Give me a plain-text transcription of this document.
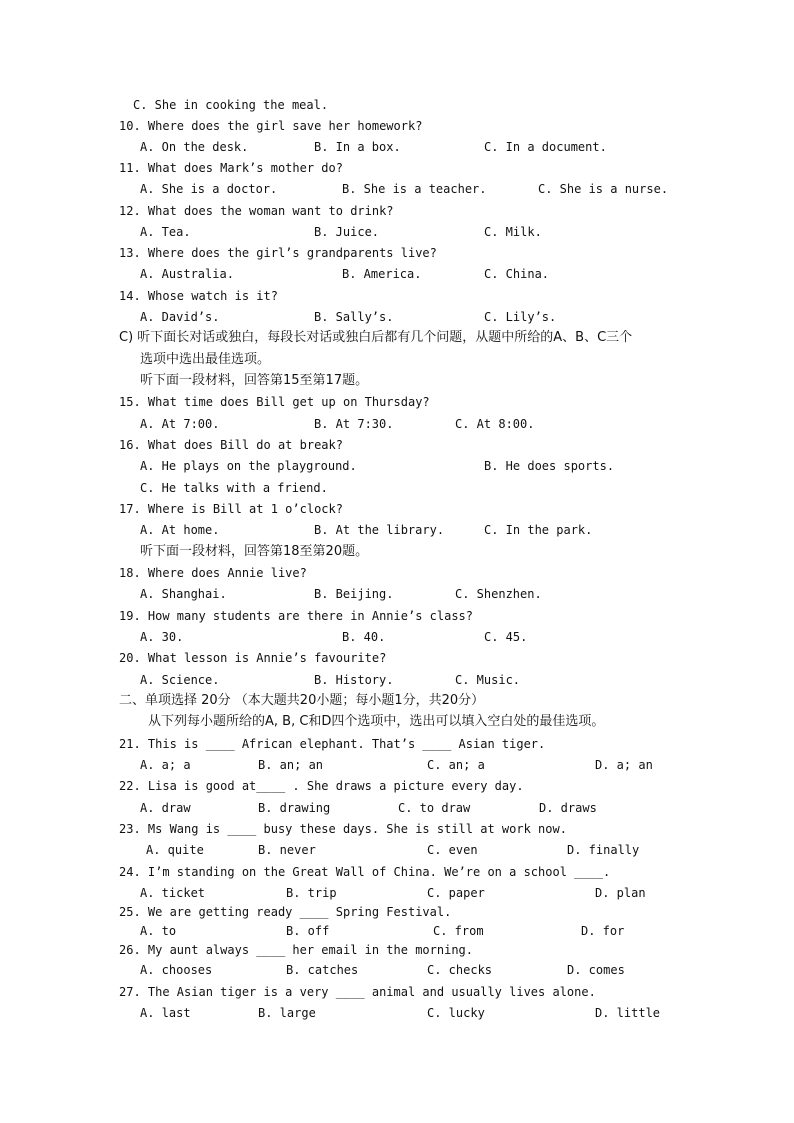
C. She in cooking the meal.
10. Where does the girl save her homework?
A. On the desk.	B. In a box.	C. In a document.
11. What does Mark’s mother do?
A. She is a doctor.	B. She is a teacher.	C. She is a nurse.
12. What does the woman want to drink?
A. Tea.	B. Juice.	C. Milk.
13. Where does the girl’s grandparents live?
A. Australia.	B. America.	C. China.
14. Whose watch is it?
A. David’s.	B. Sally’s.	C. Lily’s.
C) 听下面长对话或独白，每段长对话或独白后都有几个问题，从题中所给的A、B、C三个
选项中选出最佳选项。
听下面一段材料，回答第15至第17题。
15. What time does Bill get up on Thursday?
A. At 7:00.	B. At 7:30.	C. At 8:00.
16. What does Bill do at break?
A. He plays on the playground.	B. He does sports.
C. He talks with a friend.
17. Where is Bill at 1 o’clock?
A. At home.	B. At the library.	C. In the park.
听下面一段材料，回答第18至第20题。
18. Where does Annie live?
A. Shanghai.	B. Beijing.	C. Shenzhen.
19. How many students are there in Annie’s class?
A. 30.	B. 40.	C. 45.
20. What lesson is Annie’s favourite?
A. Science.	B. History.	C. Music.
二、单项选择 20分 （本大题共20小题；每小题1分，共20分）
从下列每小题所给的A, B, C和D四个选项中，选出可以填入空白处的最佳选项。
21. This is ____ African elephant. That’s ____ Asian tiger.
A. a; a	B. an; an	C. an; a	D. a; an
22. Lisa is good at____ . She draws a picture every day.
A. draw	B. drawing	C. to draw	D. draws
23. Ms Wang is ____ busy these days. She is still at work now.
A. quite	B. never	C. even	D. finally
24. I’m standing on the Great Wall of China. We’re on a school ____.
A. ticket	B. trip	C. paper	D. plan
25. We are getting ready ____ Spring Festival.
A. to	B. off	C. from	D. for
26. My aunt always ____ her email in the morning.
A. chooses	B. catches	C. checks	D. comes
27. The Asian tiger is a very ____ animal and usually lives alone.
A. last	B. large	C. lucky	D. little
